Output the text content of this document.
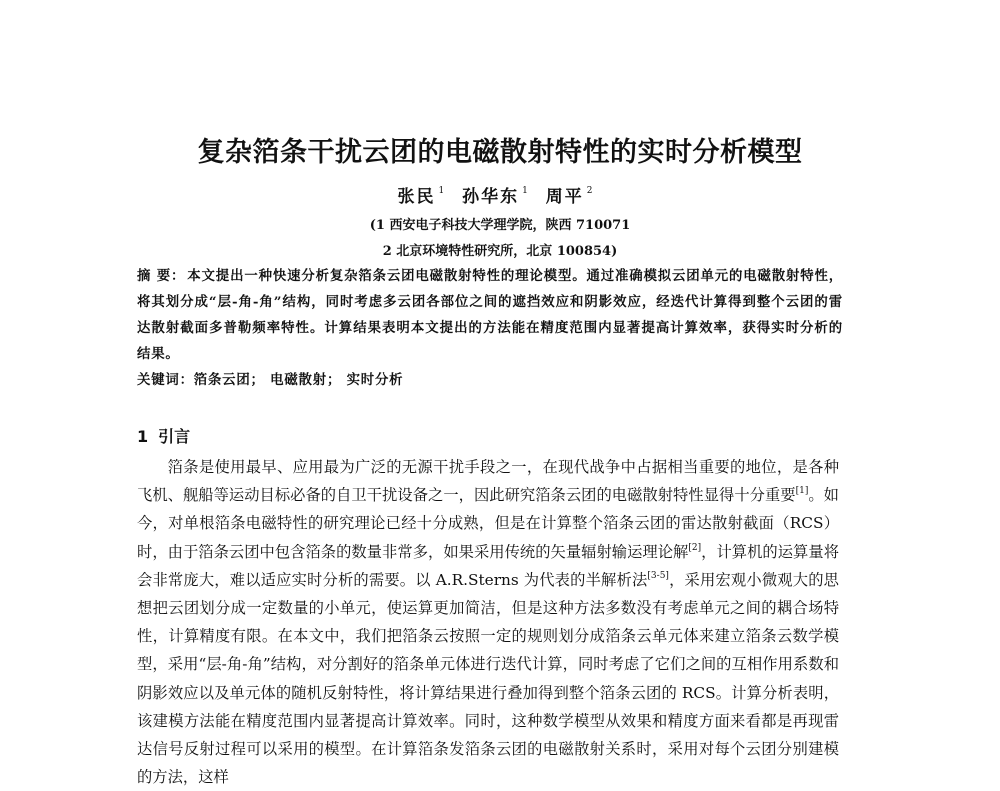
复杂箔条干扰云团的电磁散射特性的实时分析模型
张民 $^1$ 孙华东 $^1$ 周平 $^2$
(1 西安电子科技大学理学院，陕西 710071
2 北京环境特性研究所，北京 100854)
摘 要： 本文提出一种快速分析复杂箔条云团电磁散射特性的理论模型。通过准确模拟云团单元的电磁散射特性，将其划分成“层-角-角”结构，同时考虑多云团各部位之间的遮挡效应和阴影效应，经迭代计算得到整个云团的雷达散射截面多普勒频率特性。计算结果表明本文提出的方法能在精度范围内显著提高计算效率，获得实时分析的结果。
关键词：箔条云团； 电磁散射； 实时分析
1 引言

箔条是使用最早、应用最为广泛的无源干扰手段之一，在现代战争中占据相当重要的地位，是各种飞机、舰船等运动目标必备的自卫干扰设备之一，因此研究箔条云团的电磁散射特性显得十分重要[1]。如今，对单根箔条电磁特性的研究理论已经十分成熟，但是在计算整个箔条云团的雷达散射截面（RCS）时，由于箔条云团中包含箔条的数量非常多，如果采用传统的矢量辐射输运理论解[2]，计算机的运算量将会非常庞大，难以适应实时分析的需要。以 A.R.Sterns 为代表的半解析法[3-5]，采用宏观小微观大的思想把云团划分成一定数量的小单元，使运算更加简洁，但是这种方法多数没有考虑单元之间的耦合场特性，计算精度有限。在本文中，我们把箔条云按照一定的规则划分成箔条云单元体来建立箔条云数学模型，采用“层-角-角”结构，对分割好的箔条单元体进行迭代计算，同时考虑了它们之间的互相作用系数和阴影效应以及单元体的随机反射特性，将计算结果进行叠加得到整个箔条云团的 RCS。计算分析表明，该建模方法能在精度范围内显著提高计算效率。同时，这种数学模型从效果和精度方面来看都是再现雷达信号反射过程可以采用的模型。在计算箔条发箔条云团的电磁散射关系时，采用对每个云团分别建模的方法，这样
